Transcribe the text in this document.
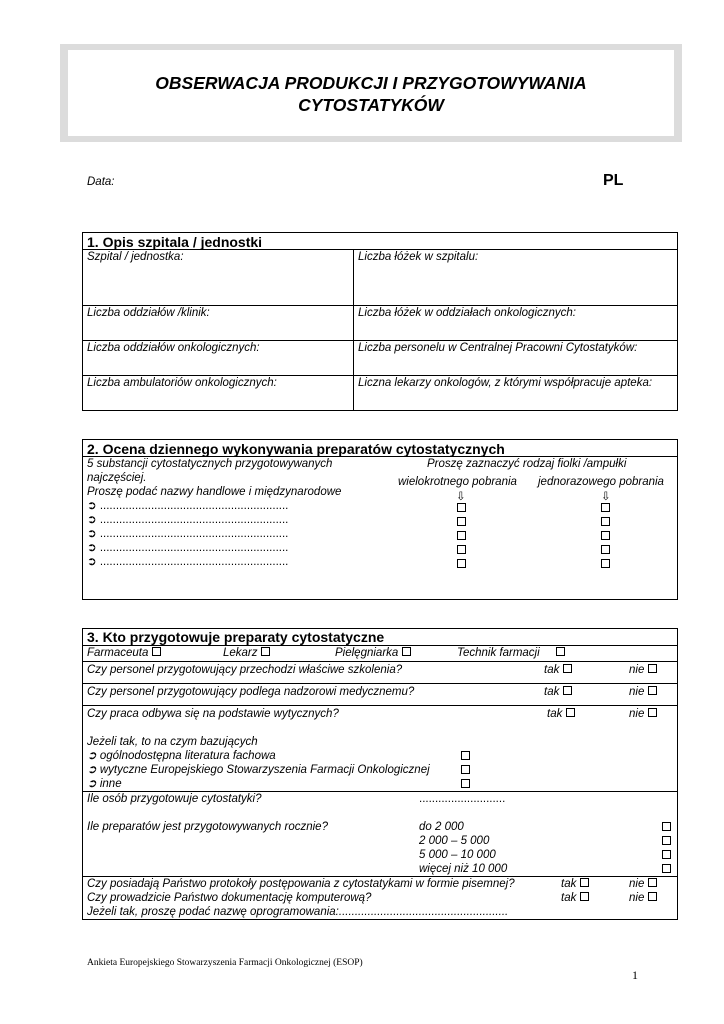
OBSERWACJA PRODUKCJI I PRZYGOTOWYWANIA
CYTOSTATYKÓW
Data:	PL
1. Opis szpitala / jednostki
Szpital / jednostka:	Liczba łóżek w szpitalu:
Liczba oddziałów /klinik:	Liczba łóżek w oddziałach onkologicznych:
Liczba oddziałów onkologicznych:	Liczba personelu w Centralnej Pracowni Cytostatyków:
Liczba ambulatoriów onkologicznych:	Liczna lekarzy onkologów, z którymi współpracuje apteka:
2. Ocena dziennego wykonywania preparatów cytostatycznych
5 substancji cytostatycznych przygotowywanych
najczęściej.
Proszę podać nazwy handlowe i międzynarodowe
Proszę zaznaczyć rodzaj fiolki /ampułki
wielokrotnego pobrania jednorazowego pobrania
⇩	⇩
➲ ...........................................................
➲ ...........................................................
➲ ...........................................................
➲ ...........................................................
➲ ...........................................................
3. Kto przygotowuje preparaty cytostatyczne
Farmaceuta	Lekarz	Pielęgniarka	Technik farmacji
Czy personel przygotowujący przechodzi właściwe szkolenia?	tak	nie
Czy personel przygotowujący podlega nadzorowi medycznemu?	tak	nie
Czy praca odbywa się na podstawie wytycznych?	tak	nie
Jeżeli tak, to na czym bazujących
➲ ogólnodostępna literatura fachowa
➲ wytyczne Europejskiego Stowarzyszenia Farmacji Onkologicznej
➲ inne
Ile osób przygotowuje cytostatyki?	...........................
Ile preparatów jest przygotowywanych rocznie?	do 2 000
2 000 – 5 000
5 000 – 10 000
więcej niż 10 000
Czy posiadają Państwo protokoły postępowania z cytostatykami w formie pisemnej?	tak	nie
Czy prowadzicie Państwo dokumentację komputerową?	tak	nie
Jeżeli tak, proszę podać nazwę oprogramowania:.....................................................
Ankieta Europejskiego Stowarzyszenia Farmacji Onkologicznej (ESOP)
1
